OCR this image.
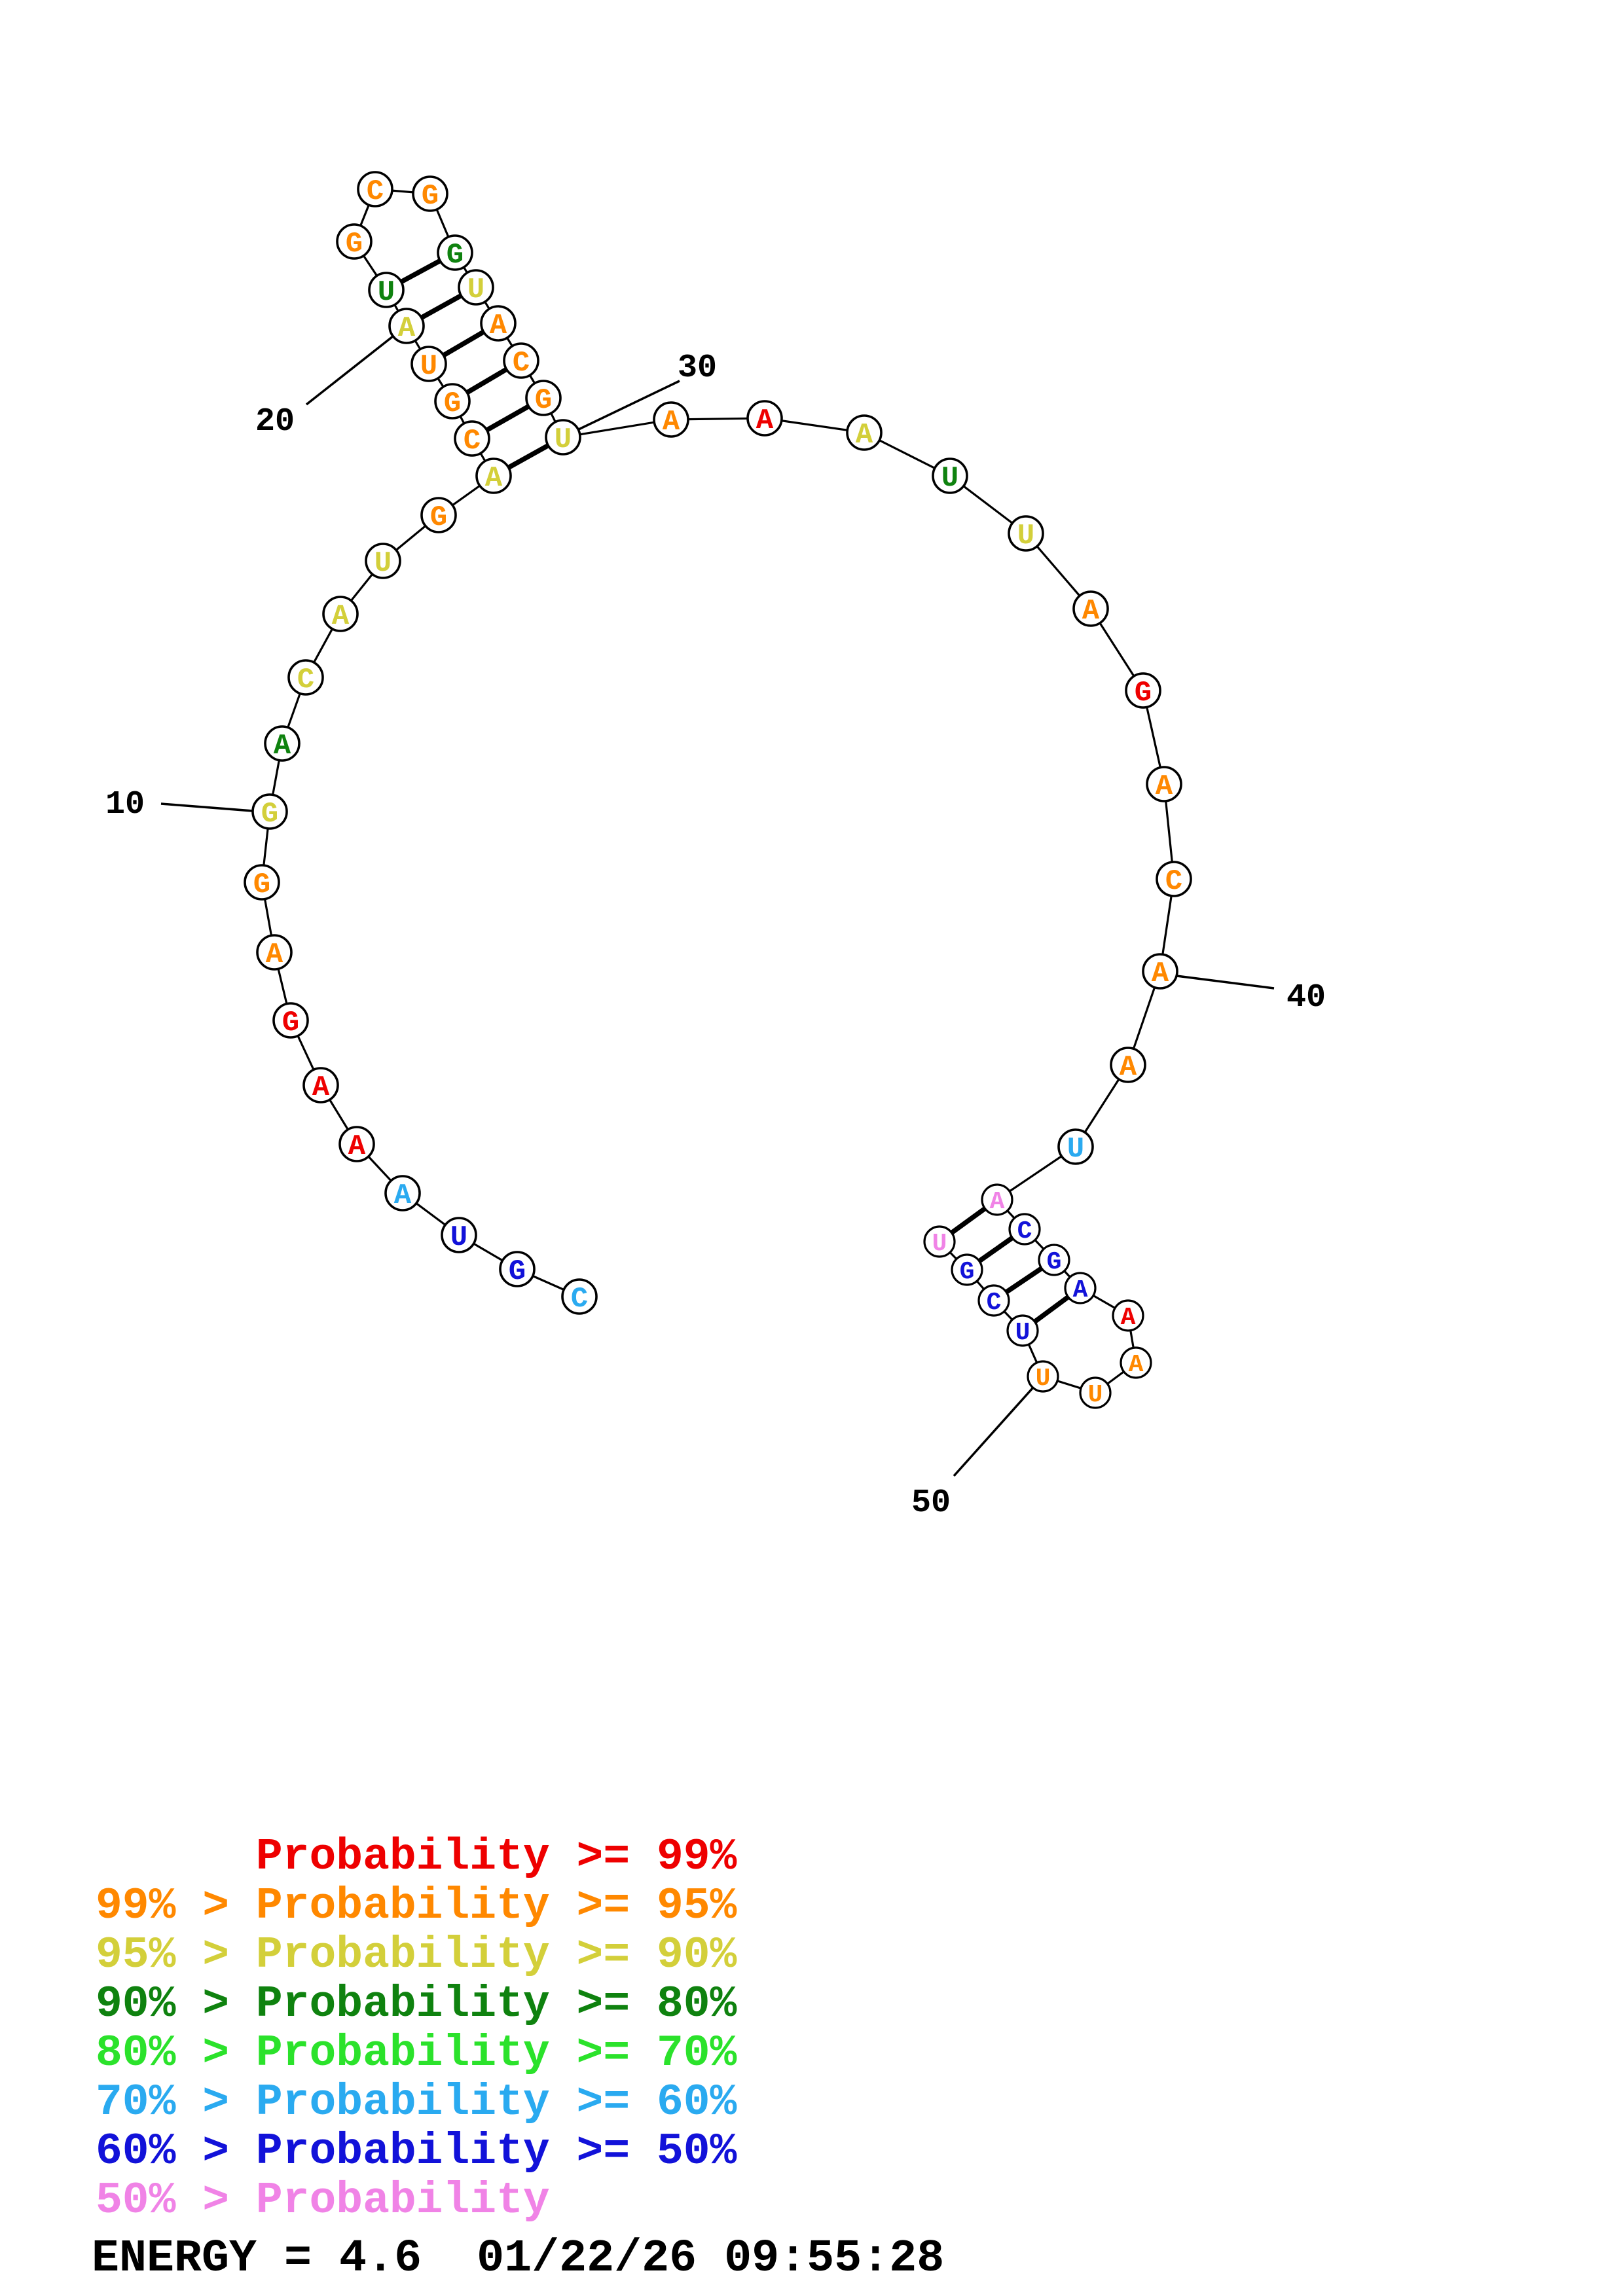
C
G
U
A
A
A
G
A
G
G
A
C
A
U
G
A
C
G
U
A
U
G
C G
G
U
A
C
G
U
A	A	A
U
U
A
G
A
C
A
A
U
A
C
G
A
A
A
U
U
U
C
G
U
10
20
30
40
50
Probability >= 99%
99% > Probability >= 95%
95% > Probability >= 90%
90% > Probability >= 80%
80% > Probability >= 70%
70% > Probability >= 60%
60% > Probability >= 50%
50% > Probability
ENERGY = 4.6  01/22/26 09:55:28
